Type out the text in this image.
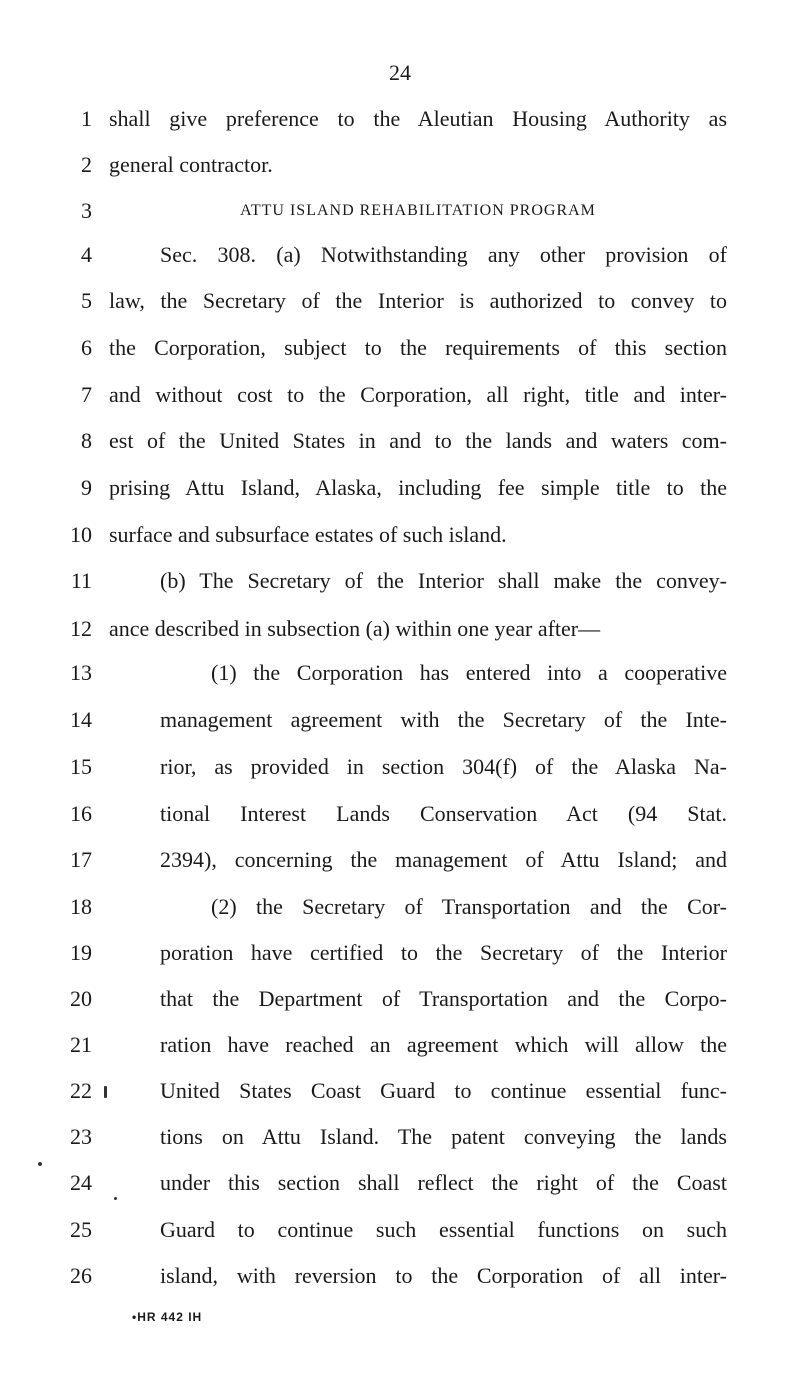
24
1 shall give preference to the Aleutian Housing Authority as
2 general contractor.
3	ATTU ISLAND REHABILITATION PROGRAM
4	Sec. 308. (a) Notwithstanding any other provision of
5 law, the Secretary of the Interior is authorized to convey to
6 the Corporation, subject to the requirements of this section
7 and without cost to the Corporation, all right, title and inter-
8 est of the United States in and to the lands and waters com-
9 prising Attu Island, Alaska, including fee simple title to the
10 surface and subsurface estates of such island.
11	(b) The Secretary of the Interior shall make the convey-
12 ance described in subsection (a) within one year after—
13	(1) the Corporation has entered into a cooperative
14	management agreement with the Secretary of the Inte-
15	rior, as provided in section 304(f) of the Alaska Na-
16	tional Interest Lands Conservation Act (94 Stat.
17	2394), concerning the management of Attu Island; and
18	(2) the Secretary of Transportation and the Cor-
19	poration have certified to the Secretary of the Interior
20	that the Department of Transportation and the Corpo-
21	ration have reached an agreement which will allow the
22	United States Coast Guard to continue essential func-
23	tions on Attu Island. The patent conveying the lands
24	under this section shall reflect the right of the Coast
25	Guard to continue such essential functions on such
26	island, with reversion to the Corporation of all inter-
•HR 442 IH
